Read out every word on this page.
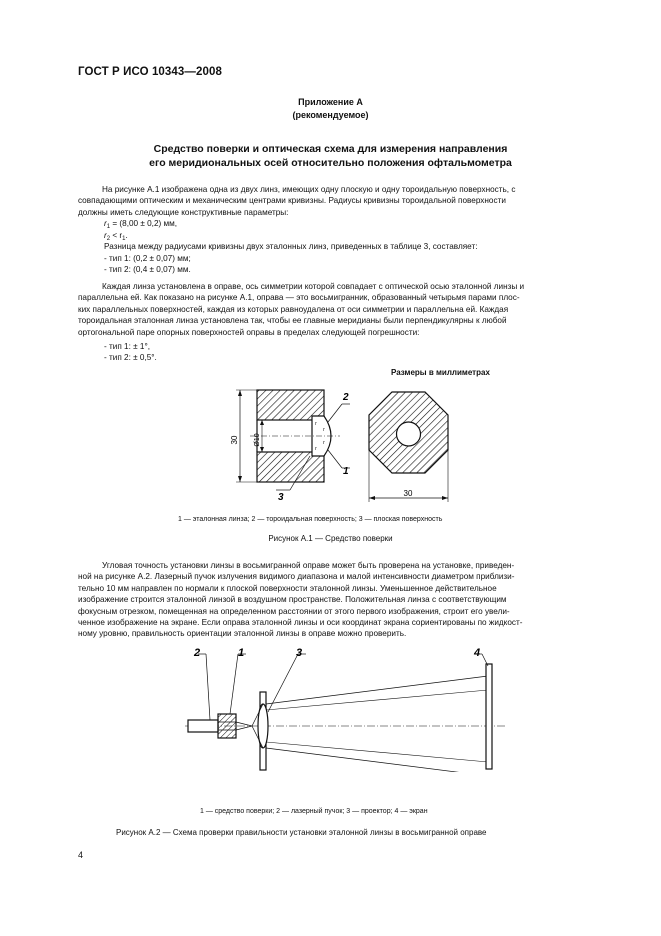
ГОСТ Р ИСО 10343—2008
Приложение А
(рекомендуемое)
Средство поверки и оптическая схема для измерения направления
его меридиональных осей относительно положения офтальмометра
На рисунке А.1 изображена одна из двух линз, имеющих одну плоскую и одну тороидальную поверхность, с
совпадающими оптическим и механическим центрами кривизны. Радиусы кривизны тороидальной поверхности
должны иметь следующие конструктивные параметры:
$r_1 = (8,00 \pm 0,2)$ мм,
$r_2 < r_1$.
Разница между радиусами кривизны двух эталонных линз, приведенных в таблице 3, составляет:
- тип 1: (0,2 ± 0,07) мм;
- тип 2: (0,4 ± 0,07) мм.
Каждая линза установлена в оправе, ось симметрии которой совпадает с оптической осью эталонной линзы и
параллельна ей. Как показано на рисунке А.1, оправа — это восьмигранник, образованный четырьмя парами плос-
ких параллельных поверхностей, каждая из которых равноудалена от оси симметрии и параллельна ей. Каждая
тороидальная эталонная линза установлена так, чтобы ее главные меридианы были перпендикулярны к любой
ортогональной паре опорных поверхностей оправы в пределах следующей погрешности:
- тип 1: ± 1°,
- тип 2: ± 0,5°.
Размеры в миллиметрах
30 Ø10
r
r
r
r
2
1
3	30
1 — эталонная линза; 2 — тороидальная поверхность; 3 — плоская поверхность
Рисунок А.1 — Средство поверки
Угловая точность установки линзы в восьмигранной оправе может быть проверена на установке, приведен-
ной на рисунке А.2. Лазерный пучок излучения видимого диапазона и малой интенсивности диаметром приблизи-
тельно 10 мм направлен по нормали к плоской поверхности эталонной линзы. Уменьшенное действительное
изображение строится эталонной линзой в воздушном пространстве. Положительная линза с соответствующим
фокусным отрезком, помещенная на определенном расстоянии от этого первого изображения, строит его увели-
ченное изображение на экране. Если оправа эталонной линзы и оси координат экрана сориентированы по жидкост-
ному уровню, правильность ориентации эталонной линзы в оправе можно проверить.
2	1	3	4
1 — средство поверки; 2 — лазерный пучок; 3 — проектор; 4 — экран
Рисунок А.2 — Схема проверки правильности установки эталонной линзы в восьмигранной оправе
4
